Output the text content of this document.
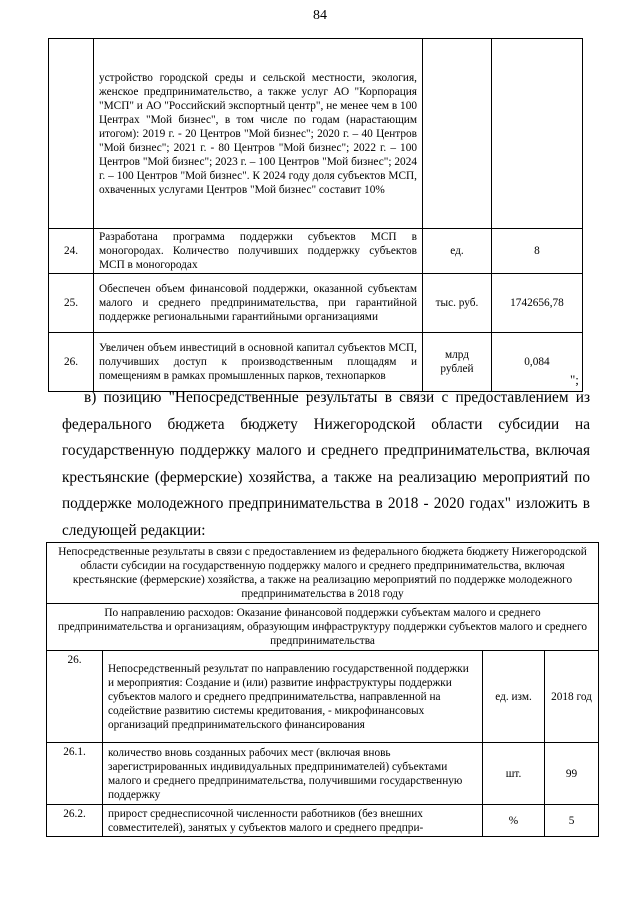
84
	устройство городской среды и сельской местности, экология, женское предпринимательство, а также услуг АО "Корпорация "МСП" и АО "Российский экспортный центр", не менее чем в 100 Центрах "Мой бизнес", в том числе по годам (нарастающим итогом): 2019 г. - 20 Центров "Мой бизнес"; 2020 г. – 40 Центров "Мой бизнес"; 2021 г. - 80 Центров "Мой бизнес"; 2022 г. – 100 Центров "Мой бизнес"; 2023 г. – 100 Центров "Мой бизнес"; 2024 г. – 100 Центров "Мой бизнес". К 2024 году доля субъектов МСП, охваченных услугами Центров "Мой бизнес" составит 10%		
24.	Разработана программа поддержки субъектов МСП в моногородах. Количество получивших поддержку субъектов МСП в моногородах	ед.	8
25.	Обеспечен объем финансовой поддержки, оказанной субъектам малого и среднего предпринимательства, при гарантийной поддержке региональными гарантийными организациями	тыс. руб.	1742656,78
26.	Увеличен объем инвестиций в основной капитал субъектов МСП, получивших доступ к производственным площадям и помещениям в рамках промышленных парков, технопарков	млрд рублей	0,084
";
в) позицию "Непосредственные результаты в связи с предоставлением из федерального бюджета бюджету Нижегородской области субсидии на государственную поддержку малого и среднего предпринимательства, включая крестьянские (фермерские) хозяйства, а также на реализацию мероприятий по поддержке молодежного предпринимательства в 2018 - 2020 годах" изложить в следующей редакции:
Непосредственные результаты в связи с предоставлением из федерального бюджета бюджету Нижегородской области субсидии на государственную поддержку малого и среднего предпринимательства, включая крестьянские (фермерские) хозяйства, а также на реализацию мероприятий по поддержке молодежного предпринимательства в 2018 году			
По направлению расходов: Оказание финансовой поддержки субъектам малого и среднего предпринимательства и организациям, образующим инфраструктуру поддержки субъектов малого и среднего предпринимательства			
26.	Непосредственный результат по направлению государственной поддержки и мероприятия: Создание и (или) развитие инфраструктуры поддержки субъектов малого и среднего предпринимательства, направленной на содействие развитию системы кредитования, - микрофинансовых организаций предпринимательского финансирования	ед. изм.	2018 год
26.1.	количество вновь созданных рабочих мест (включая вновь зарегистрированных индивидуальных предпринимателей) субъектами малого и среднего предпринимательства, получившими государственную поддержку	шт.	99
26.2.	прирост среднесписочной численности работников (без внешних совместителей), занятых у субъектов малого и среднего предпри-	%	5
